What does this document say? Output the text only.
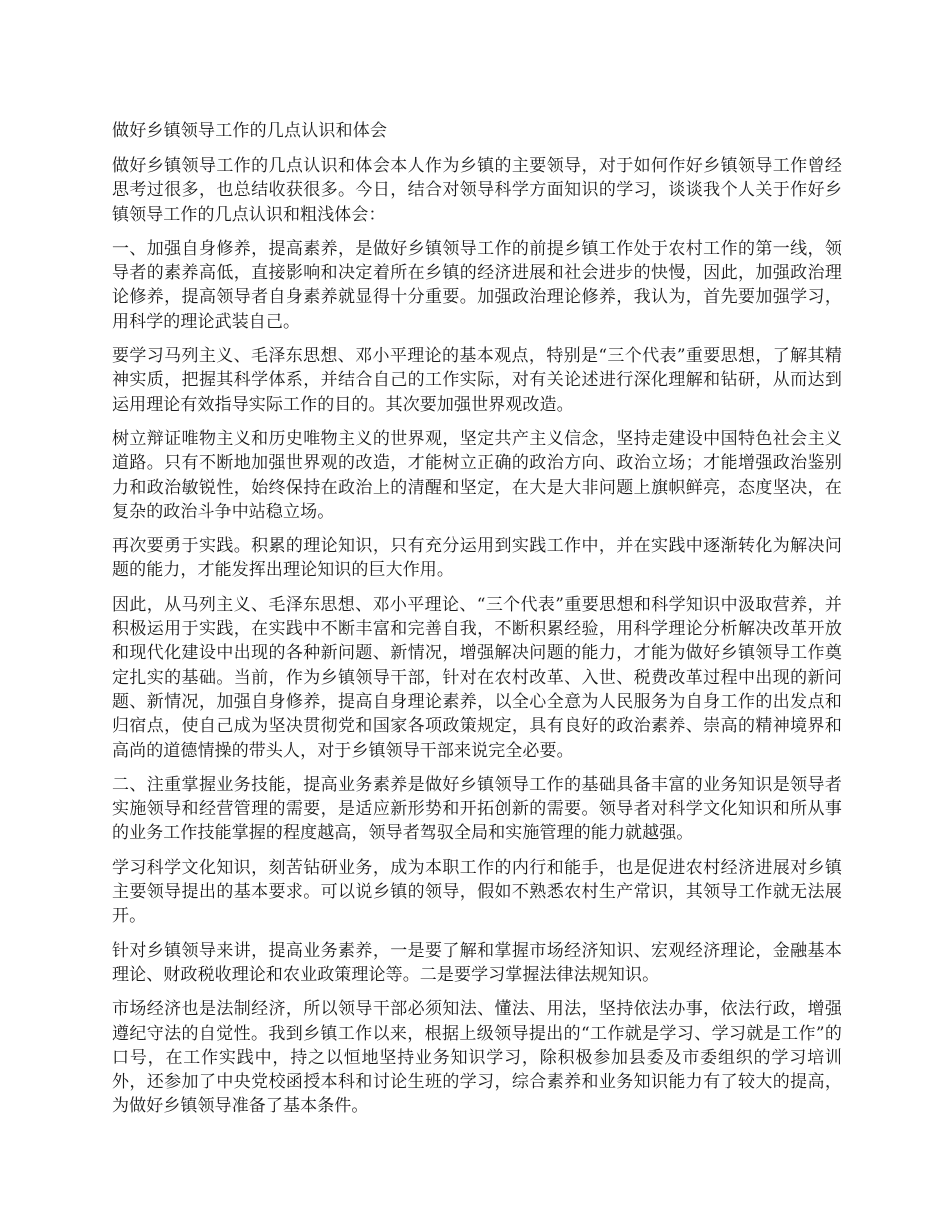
做好乡镇领导工作的几点认识和体会

做好乡镇领导工作的几点认识和体会本人作为乡镇的主要领导，对于如何作好乡镇领导工作曾经思考过很多，也总结收获很多。今日，结合对领导科学方面知识的学习，谈谈我个人关于作好乡镇领导工作的几点认识和粗浅体会：

一、加强自身修养，提高素养，是做好乡镇领导工作的前提乡镇工作处于农村工作的第一线，领导者的素养高低，直接影响和决定着所在乡镇的经济进展和社会进步的快慢，因此，加强政治理论修养，提高领导者自身素养就显得十分重要。加强政治理论修养，我认为，首先要加强学习，用科学的理论武装自己。

要学习马列主义、毛泽东思想、邓小平理论的基本观点，特别是“三个代表”重要思想，了解其精神实质，把握其科学体系，并结合自己的工作实际，对有关论述进行深化理解和钻研，从而达到运用理论有效指导实际工作的目的。其次要加强世界观改造。

树立辩证唯物主义和历史唯物主义的世界观，坚定共产主义信念，坚持走建设中国特色社会主义道路。只有不断地加强世界观的改造，才能树立正确的政治方向、政治立场；才能增强政治鉴别力和政治敏锐性，始终保持在政治上的清醒和坚定，在大是大非问题上旗帜鲜亮，态度坚决，在复杂的政治斗争中站稳立场。

再次要勇于实践。积累的理论知识，只有充分运用到实践工作中，并在实践中逐渐转化为解决问题的能力，才能发挥出理论知识的巨大作用。

因此，从马列主义、毛泽东思想、邓小平理论、“三个代表”重要思想和科学知识中汲取营养，并积极运用于实践，在实践中不断丰富和完善自我，不断积累经验，用科学理论分析解决改革开放和现代化建设中出现的各种新问题、新情况，增强解决问题的能力，才能为做好乡镇领导工作奠定扎实的基础。当前，作为乡镇领导干部，针对在农村改革、入世、税费改革过程中出现的新问题、新情况，加强自身修养，提高自身理论素养，以全心全意为人民服务为自身工作的出发点和归宿点，使自己成为坚决贯彻党和国家各项政策规定，具有良好的政治素养、崇高的精神境界和高尚的道德情操的带头人，对于乡镇领导干部来说完全必要。

二、注重掌握业务技能，提高业务素养是做好乡镇领导工作的基础具备丰富的业务知识是领导者实施领导和经营管理的需要，是适应新形势和开拓创新的需要。领导者对科学文化知识和所从事的业务工作技能掌握的程度越高，领导者驾驭全局和实施管理的能力就越强。

学习科学文化知识，刻苦钻研业务，成为本职工作的内行和能手，也是促进农村经济进展对乡镇主要领导提出的基本要求。可以说乡镇的领导，假如不熟悉农村生产常识，其领导工作就无法展开。

针对乡镇领导来讲，提高业务素养，一是要了解和掌握市场经济知识、宏观经济理论，金融基本理论、财政税收理论和农业政策理论等。二是要学习掌握法律法规知识。

市场经济也是法制经济，所以领导干部必须知法、懂法、用法，坚持依法办事，依法行政，增强遵纪守法的自觉性。我到乡镇工作以来，根据上级领导提出的“工作就是学习、学习就是工作”的口号，在工作实践中，持之以恒地坚持业务知识学习，除积极参加县委及市委组织的学习培训外，还参加了中央党校函授本科和讨论生班的学习，综合素养和业务知识能力有了较大的提高，为做好乡镇领导准备了基本条件。
